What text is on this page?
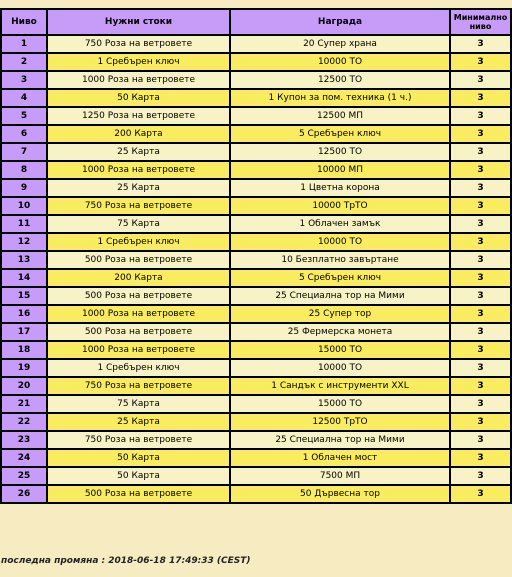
Ниво	Нужни стоки	Награда	Минимално ниво
1	750 Роза на ветровете	20 Супер храна	3
2	1 Сребърен ключ	10000 ТО	3
3	1000 Роза на ветровете	12500 ТО	3
4	50 Карта	1 Купон за пом. техника (1 ч.)	3
5	1250 Роза на ветровете	12500 МП	3
6	200 Карта	5 Сребърен ключ	3
7	25 Карта	12500 ТО	3
8	1000 Роза на ветровете	10000 МП	3
9	25 Карта	1 Цветна корона	3
10	750 Роза на ветровете	10000 ТрТО	3
11	75 Карта	1 Облачен замък	3
12	1 Сребърен ключ	10000 ТО	3
13	500 Роза на ветровете	10 Безплатно завъртане	3
14	200 Карта	5 Сребърен ключ	3
15	500 Роза на ветровете	25 Специална тор на Мими	3
16	1000 Роза на ветровете	25 Супер тор	3
17	500 Роза на ветровете	25 Фермерска монета	3
18	1000 Роза на ветровете	15000 ТО	3
19	1 Сребърен ключ	10000 ТО	3
20	750 Роза на ветровете	1 Сандък с инструменти XXL	3
21	75 Карта	15000 ТО	3
22	25 Карта	12500 ТрТО	3
23	750 Роза на ветровете	25 Специална тор на Мими	3
24	50 Карта	1 Облачен мост	3
25	50 Карта	7500 МП	3
26	500 Роза на ветровете	50 Дървесна тор	3
последна промяна : 2018-06-18 17:49:33 (CEST)
